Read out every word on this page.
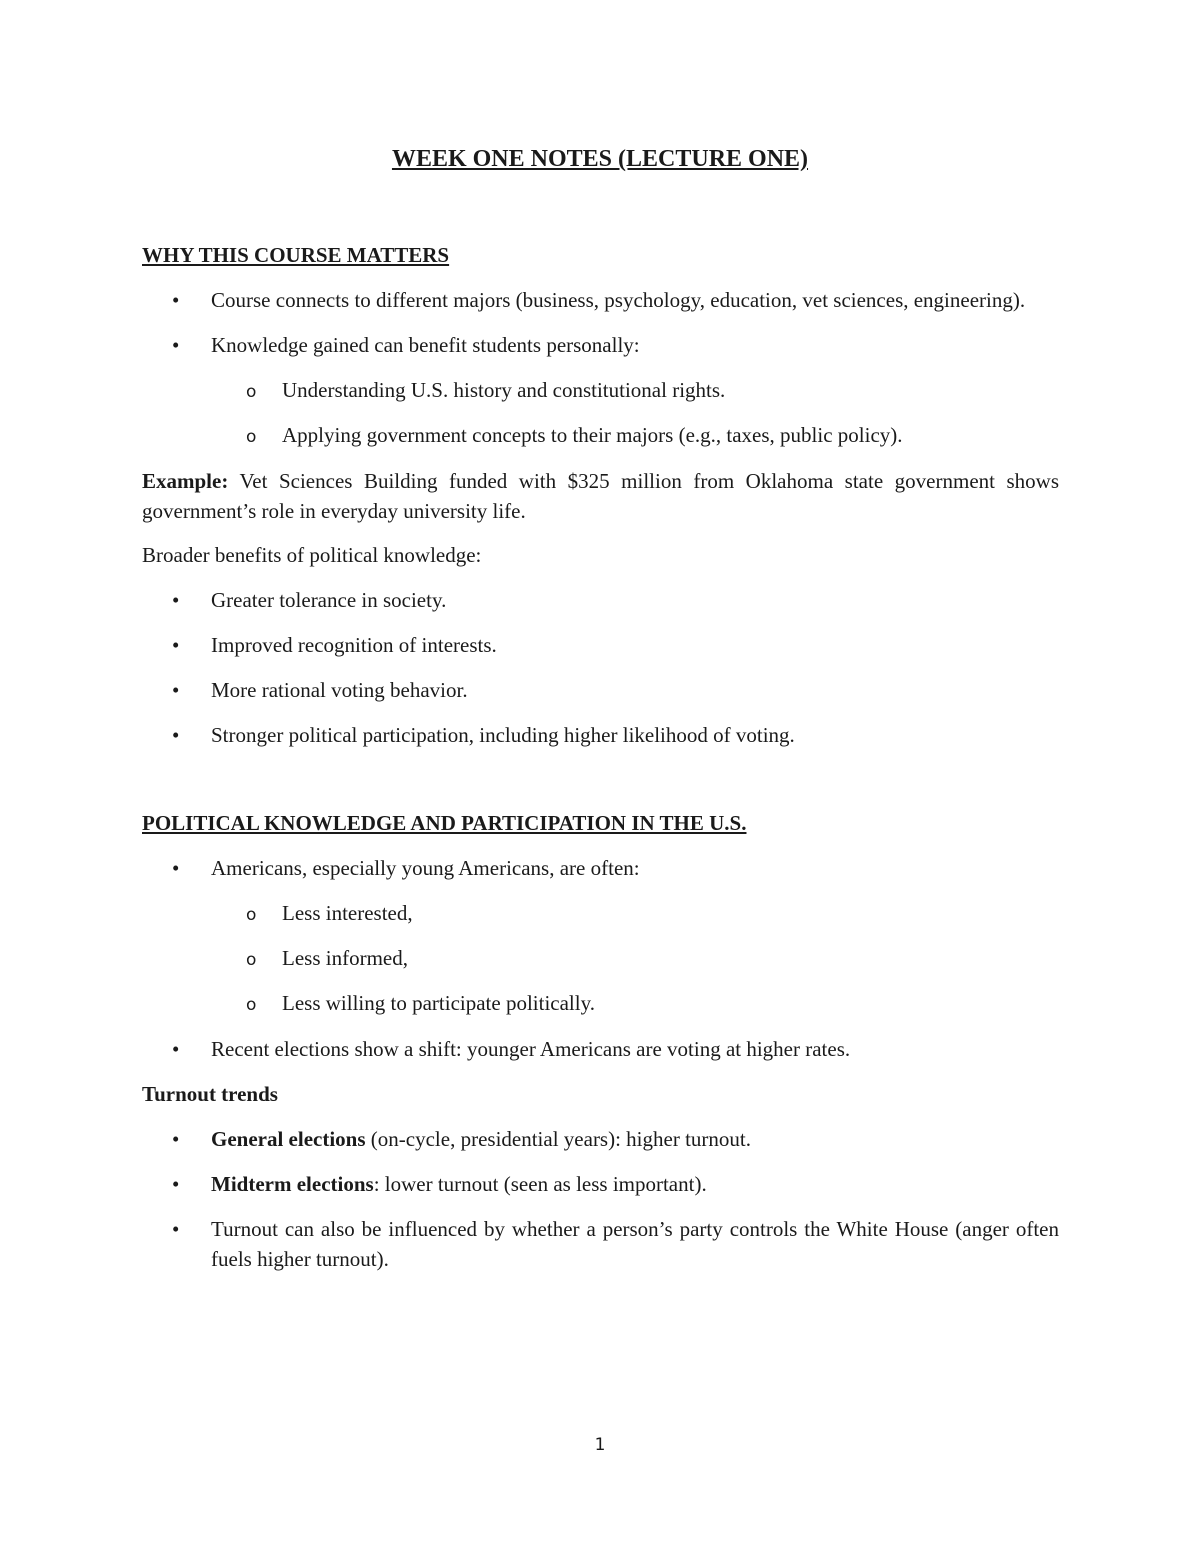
WEEK ONE NOTES (LECTURE ONE)

WHY THIS COURSE MATTERS

• Course connects to different majors (business, psychology, education, vet sciences, engineering).
• Knowledge gained can benefit students personally:
o Understanding U.S. history and constitutional rights.
o Applying government concepts to their majors (e.g., taxes, public policy).

Example: Vet Sciences Building funded with $325 million from Oklahoma state government shows government’s role in everyday university life.

Broader benefits of political knowledge:

• Greater tolerance in society.
• Improved recognition of interests.
• More rational voting behavior.
• Stronger political participation, including higher likelihood of voting.

POLITICAL KNOWLEDGE AND PARTICIPATION IN THE U.S.

• Americans, especially young Americans, are often:
o Less interested,
o Less informed,
o Less willing to participate politically.
• Recent elections show a shift: younger Americans are voting at higher rates.

Turnout trends

• General elections (on-cycle, presidential years): higher turnout.
• Midterm elections: lower turnout (seen as less important).
• Turnout can also be influenced by whether a person’s party controls the White House (anger often fuels higher turnout).
1
